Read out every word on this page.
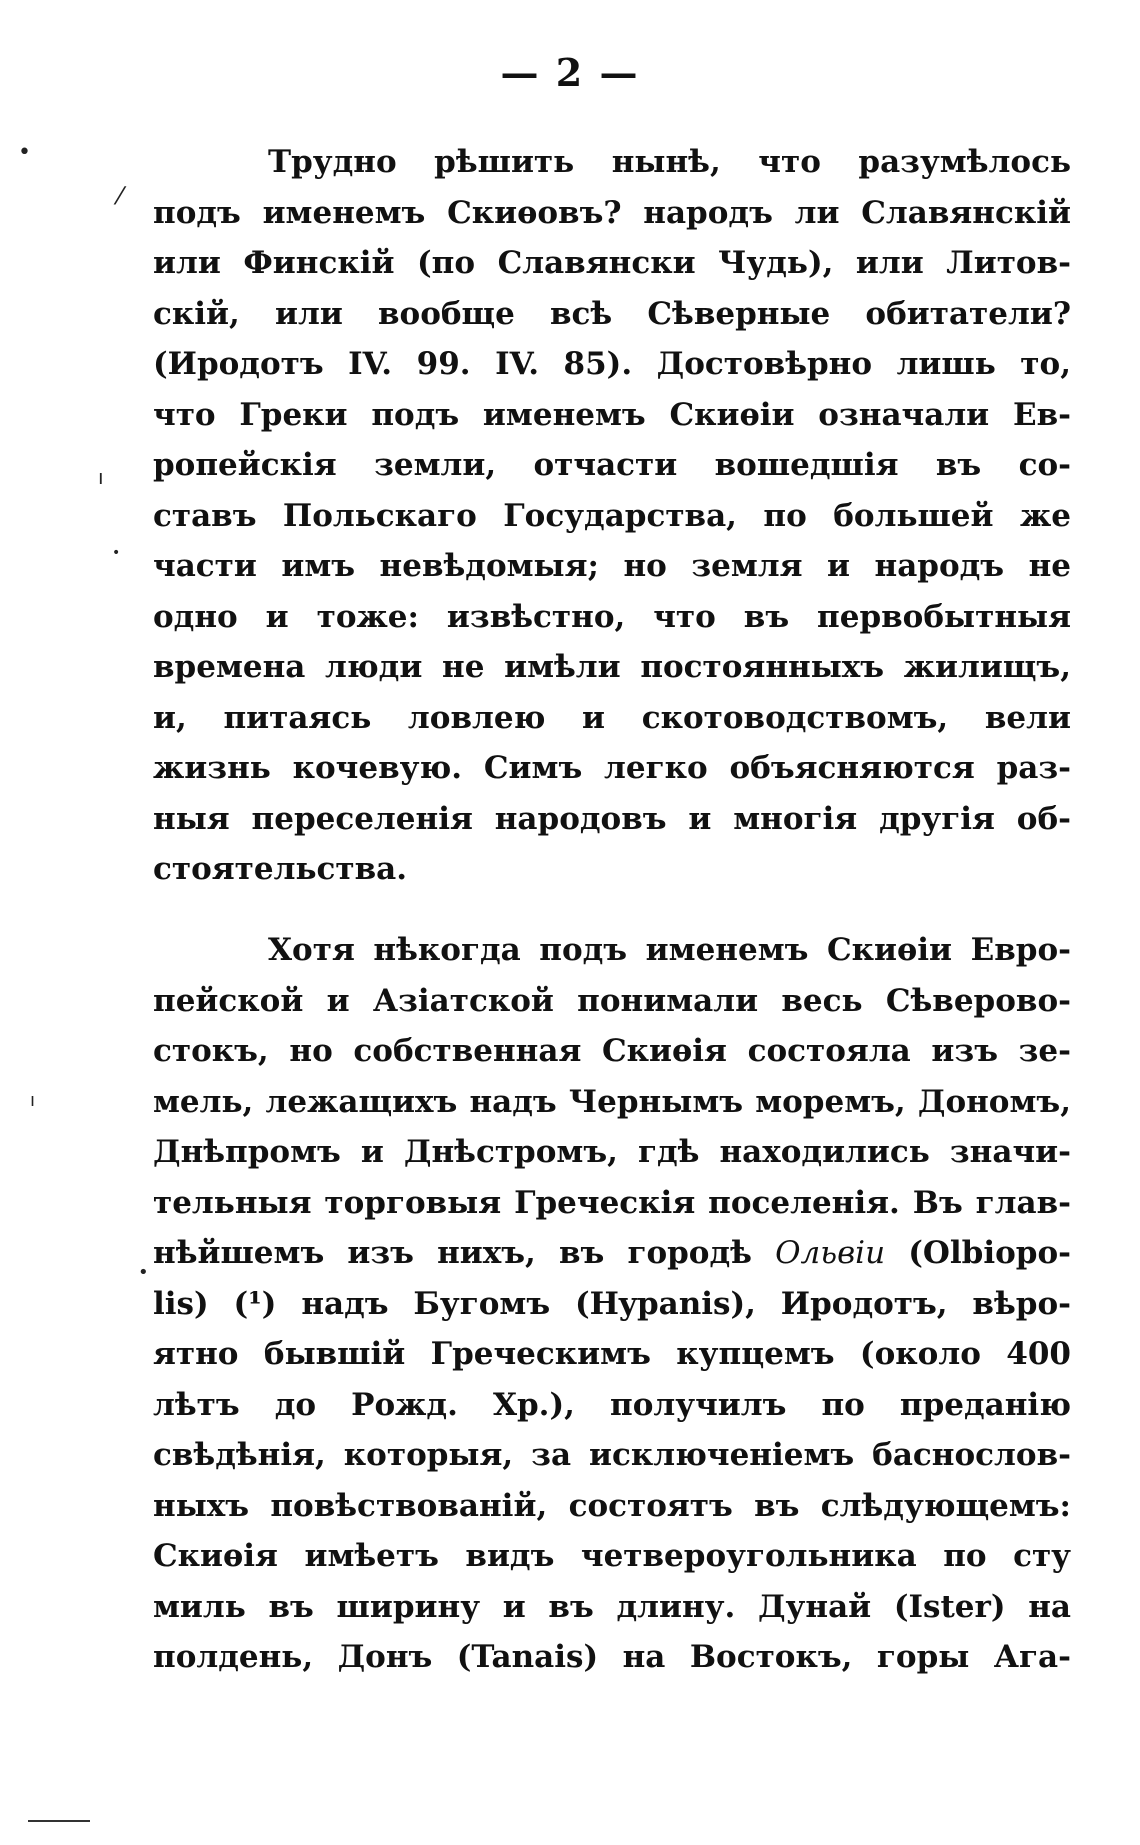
— 2 —
•
⁄
ı
•
ı
•
Трудно рѣшить нынѣ, что разумѣлось
подъ именемъ Скиѳовъ? народъ ли Славянскій
или Финскій (по Славянски Чудь), или Литов-
скій, или вообще всѣ Сѣверные обитатели?
(Иродотъ IV. 99. IV. 85). Достовѣрно лишь то,
что Греки подъ именемъ Скиѳіи означали Ев-
ропейскія земли, отчасти вошедшія въ со-
ставъ Польскаго Государства, по большей же
части имъ невѣдомыя; но земля и народъ не
одно и тоже: извѣстно, что въ первобытныя
времена люди не имѣли постоянныхъ жилищъ,
и, питаясь ловлею и скотоводствомъ, вели
жизнь кочевую. Симъ легко объясняются раз-
ныя переселенія народовъ и многія другія об-
стоятельства.
Хотя нѣкогда подъ именемъ Скиѳіи Евро-
пейской и Азіатской понимали весь Сѣверово-
стокъ, но собственная Скиѳія состояла изъ зе-
мель, лежащихъ надъ Чернымъ моремъ, Дономъ,
Днѣпромъ и Днѣстромъ, гдѣ находились значи-
тельныя торговыя Греческія поселенія. Въ глав-
нѣйшемъ изъ нихъ, въ городѣ Ольвіи (Olbiopo-
lis) (¹) надъ Бугомъ (Hypanis), Иродотъ, вѣро-
ятно бывшій Греческимъ купцемъ (около 400
лѣтъ до Рожд. Хр.), получилъ по преданію
свѣдѣнія, которыя, за исключеніемъ баснослов-
ныхъ повѣствованій, состоятъ въ слѣдующемъ:
Скиѳія имѣетъ видъ четвероугольника по сту
миль въ ширину и въ длину. Дунай (Ister) на
полдень, Донъ (Tanais) на Востокъ, горы Ага-
